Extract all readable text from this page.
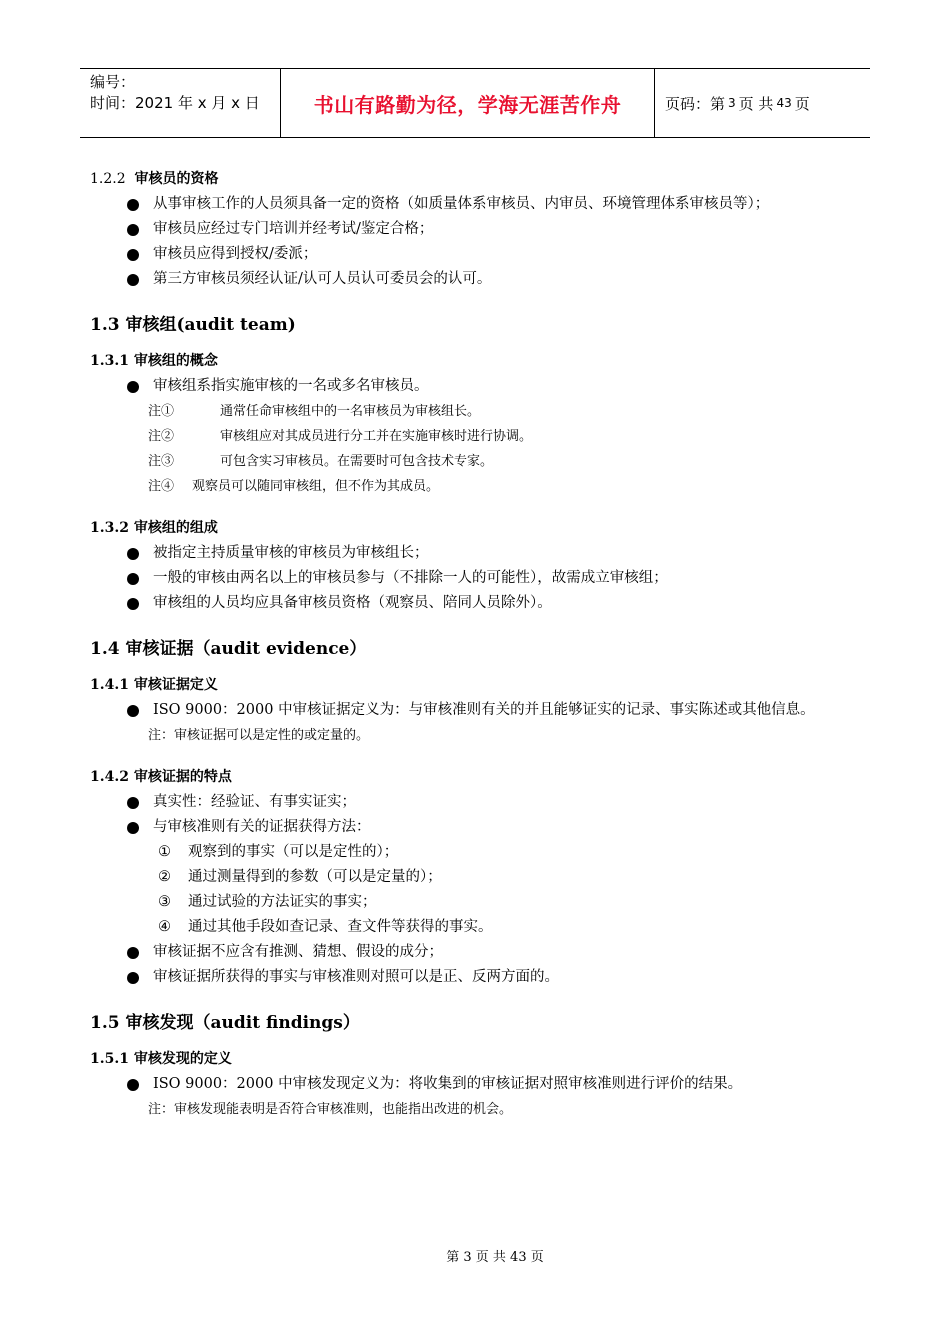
编号：
时间：2021 年 x 月 x 日	书山有路勤为径，学海无涯苦作舟	页码：第 3 页 共 43 页
1.2.2 审核员的资格
从事审核工作的人员须具备一定的资格（如质量体系审核员、内审员、环境管理体系审核员等）；
审核员应经过专门培训并经考试/鉴定合格；
审核员应得到授权/委派；
第三方审核员须经认证/认可人员认可委员会的认可。
1.3 审核组(audit team)
1.3.1 审核组的概念
审核组系指实施审核的一名或多名审核员。
注①	通常任命审核组中的一名审核员为审核组长。
注②	审核组应对其成员进行分工并在实施审核时进行协调。
注③	可包含实习审核员。在需要时可包含技术专家。
注④	观察员可以随同审核组，但不作为其成员。
1.3.2 审核组的组成
被指定主持质量审核的审核员为审核组长；
一般的审核由两名以上的审核员参与（不排除一人的可能性），故需成立审核组；
审核组的人员均应具备审核员资格（观察员、陪同人员除外）。
1.4 审核证据（audit evidence）
1.4.1 审核证据定义
ISO 9000：2000 中审核证据定义为：与审核准则有关的并且能够证实的记录、事实陈述或其他信息。
注：审核证据可以是定性的或定量的。
1.4.2 审核证据的特点
真实性：经验证、有事实证实；
与审核准则有关的证据获得方法：
①	观察到的事实（可以是定性的）；
②	通过测量得到的参数（可以是定量的）；
③	通过试验的方法证实的事实；
④	通过其他手段如查记录、查文件等获得的事实。
审核证据不应含有推测、猜想、假设的成分；
审核证据所获得的事实与审核准则对照可以是正、反两方面的。
1.5 审核发现（audit findings）
1.5.1 审核发现的定义
ISO 9000：2000 中审核发现定义为：将收集到的审核证据对照审核准则进行评价的结果。
注：审核发现能表明是否符合审核准则，也能指出改进的机会。
第 3 页 共 43 页
